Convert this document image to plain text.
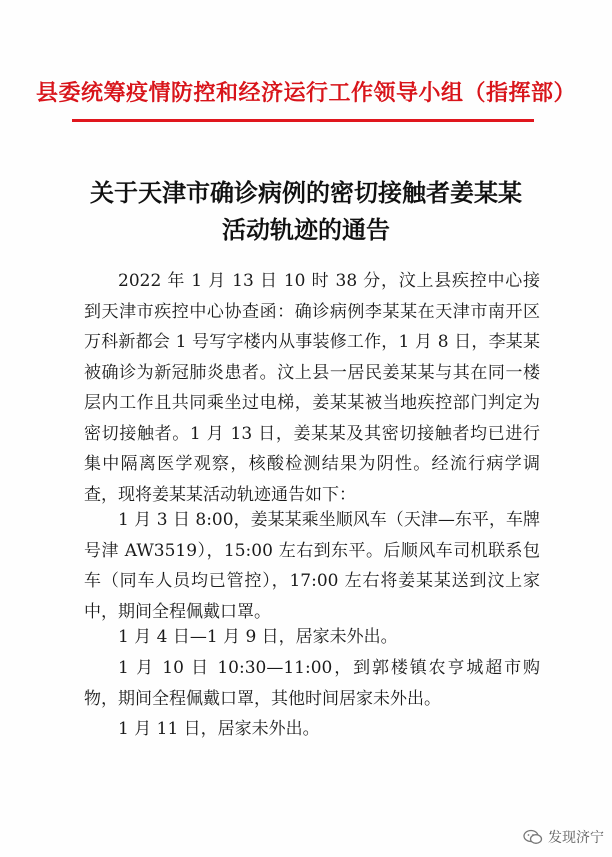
县委统筹疫情防控和经济运行工作领导小组（指挥部）
关于天津市确诊病例的密切接触者姜某某
活动轨迹的通告

2022 年 1 月 13 日 10 时 38 分，汶上县疾控中心接到天津市疾控中心协查函：确诊病例李某某在天津市南开区万科新都会 1 号写字楼内从事装修工作，1 月 8 日，李某某被确诊为新冠肺炎患者。汶上县一居民姜某某与其在同一楼层内工作且共同乘坐过电梯，姜某某被当地疾控部门判定为密切接触者。1 月 13 日，姜某某及其密切接触者均已进行集中隔离医学观察，核酸检测结果为阴性。经流行病学调查，现将姜某某活动轨迹通告如下：

1 月 3 日 8:00，姜某某乘坐顺风车（天津—东平，车牌号津 AW3519），15:00 左右到东平。后顺风车司机联系包车（同车人员均已管控），17:00 左右将姜某某送到汶上家中，期间全程佩戴口罩。

1 月 4 日—1 月 9 日，居家未外出。

1 月 10 日 10:30—11:00，到郭楼镇农亨城超市购物，期间全程佩戴口罩，其他时间居家未外出。

1 月 11 日，居家未外出。

发现济宁
